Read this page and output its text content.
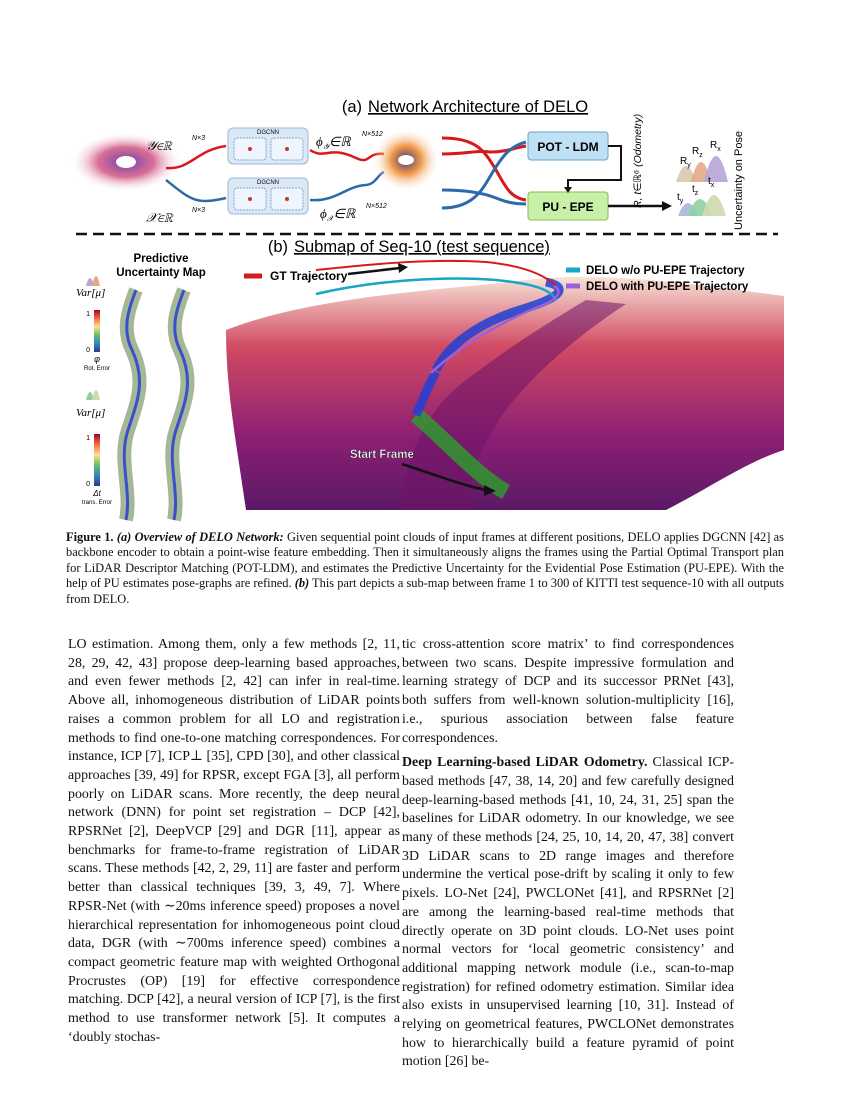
(a) Network Architecture of DELO
𝒴∈ℝ	N×3
𝒳∈ℝ	N×3
DGCNN
DGCNN
$\phi_𝒴\in ℝ$ N×512
$\phi_𝒳\in ℝ$ N×512
POT - LDM
PU - EPE	R, t∈ℝ⁶ (Odometry)	$R_y$
$R_z$
$R_x$
$t_y$
$t_z$
$t_x$ Uncertainty on Pose
(b) Submap of Seq-10 (test sequence)
GT Trajectory	DELO w/o PU-EPE Trajectory
DELO with PU-EPE Trajectory
Start Frame
Predictive
Uncertainty Map
Var[μ]
1
0
φ
Rot. Error
Var[μ]
1
0
Δt
trans. Error
Figure 1. (a) Overview of DELO Network: Given sequential point clouds of input frames at different positions, DELO applies DGCNN [42] as backbone encoder to obtain a point-wise feature embedding. Then it simultaneously aligns the frames using the Partial Optimal Transport plan for LiDAR Descriptor Matching (POT-LDM), and estimates the Predictive Uncertainty for the Evidential Pose Estimation (PU-EPE). With the help of PU estimates pose-graphs are refined. (b) This part depicts a sub-map between frame 1 to 300 of KITTI test sequence-10 with all outputs from DELO.

LO estimation. Among them, only a few methods [2, 11, 28, 29, 42, 43] propose deep-learning based approaches, and even fewer methods [2, 42] can infer in real-time. Above all, inhomogeneous distribution of LiDAR points raises a common problem for all LO and registration methods to find one-to-one matching correspondences. For instance, ICP [7], ICP⊥ [35], CPD [30], and other classical approaches [39, 49] for RPSR, except FGA [3], all perform poorly on LiDAR scans. More recently, the deep neural network (DNN) for point set registration – DCP [42], RPSRNet [2], DeepVCP [29] and DGR [11], appear as benchmarks for frame-to-frame registration of LiDAR scans. These methods [42, 2, 29, 11] are faster and perform better than classical techniques [39, 3, 49, 7]. Where RPSR-Net (with ∼20ms inference speed) proposes a novel hierarchical representation for inhomogeneous point cloud data, DGR (with ∼700ms inference speed) combines a compact geometric feature map with weighted Orthogonal Procrustes (OP) [19] for effective correspondence matching. DCP [42], a neural version of ICP [7], is the first method to use transformer network [5]. It computes a ‘doubly stochas-

tic cross-attention score matrix’ to find correspondences between two scans. Despite impressive formulation and learning strategy of DCP and its successor PRNet [43], both suffers from well-known solution-multiplicity [16], i.e., spurious association between false feature correspondences.

Deep Learning-based LiDAR Odometry. Classical ICP-based methods [47, 38, 14, 20] and few carefully designed deep-learning-based methods [41, 10, 24, 31, 25] span the baselines for LiDAR odometry. In our knowledge, we see many of these methods [24, 25, 10, 14, 20, 47, 38] convert 3D LiDAR scans to 2D range images and therefore undermine the vertical pose-drift by scaling it only to few pixels. LO-Net [24], PWCLONet [41], and RPSRNet [2] are among the learning-based real-time methods that directly operate on 3D point clouds. LO-Net uses point normal vectors for ‘local geometric consistency’ and additional mapping network module (i.e., scan-to-map registration) for refined odometry estimation. Similar idea also exists in unsupervised learning [10, 31]. Instead of relying on geometrical features, PWCLONet demonstrates how to hierarchically build a feature pyramid of point motion [26] be-
